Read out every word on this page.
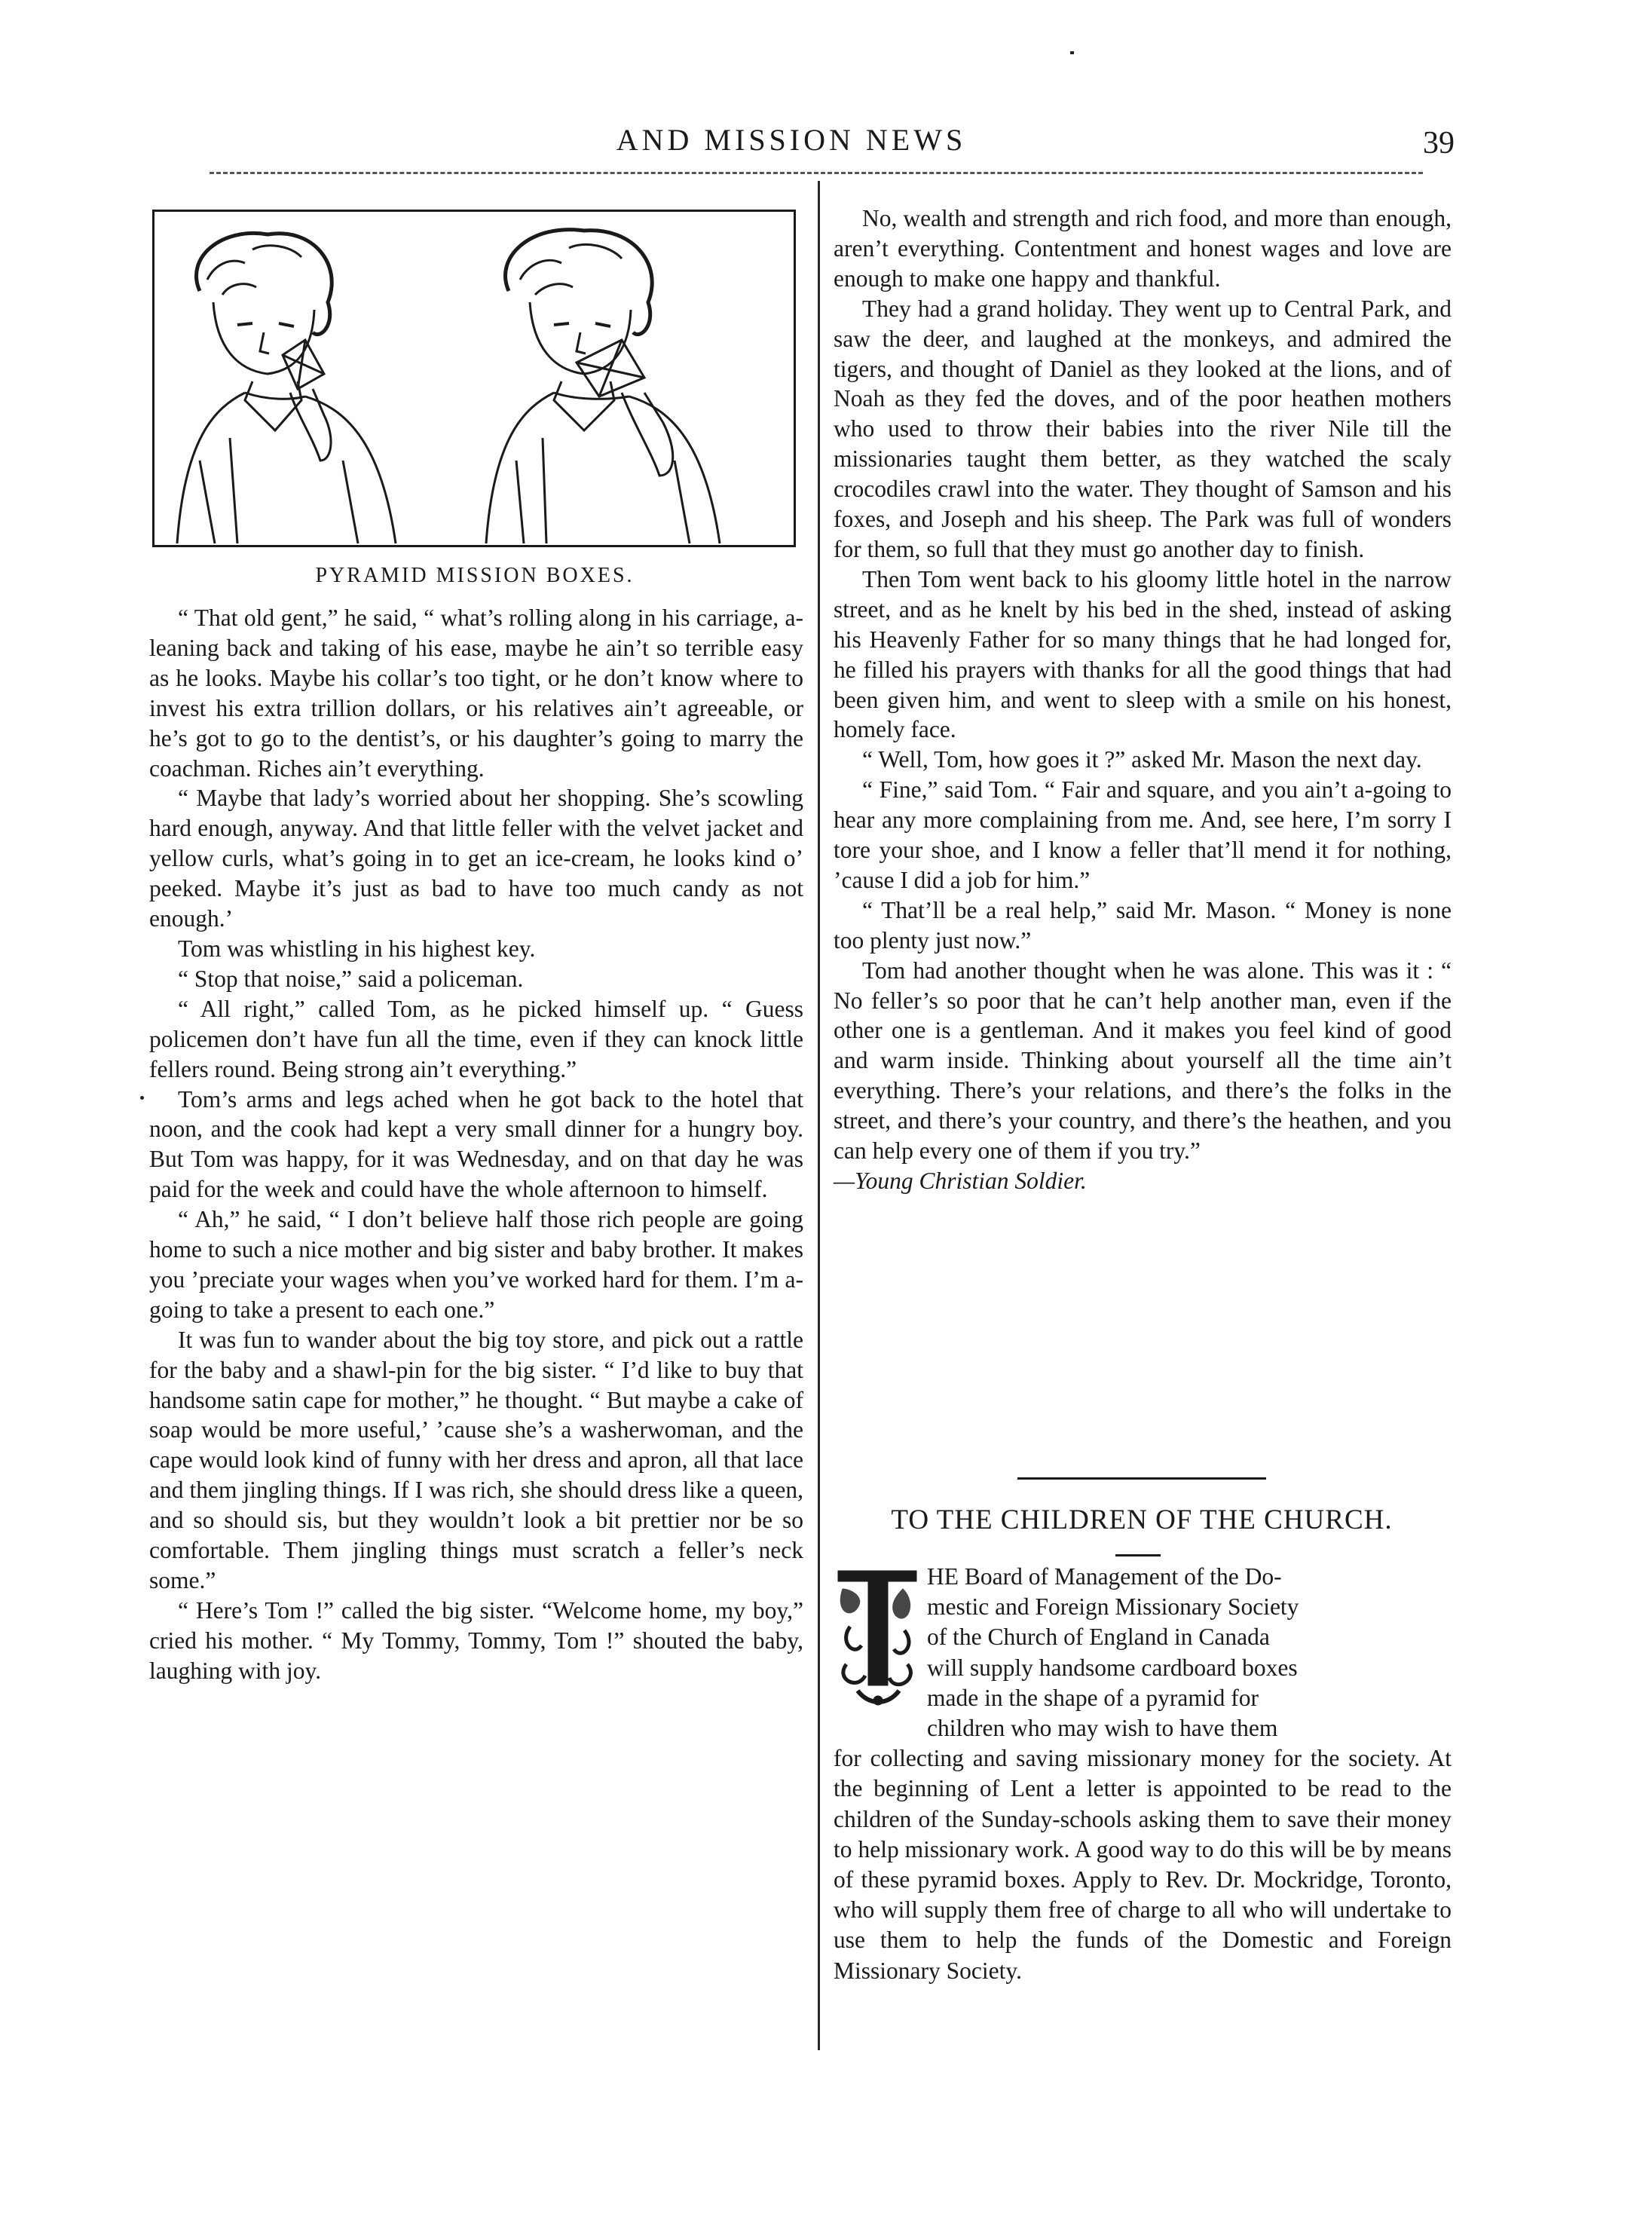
AND MISSION NEWS	39
PYRAMID MISSION BOXES.

“ That old gent,” he said, “ what’s rolling along in his carriage, a-leaning back and taking of his ease, maybe he ain’t so terrible easy as he looks. Maybe his collar’s too tight, or he don’t know where to invest his extra trillion dollars, or his relatives ain’t agreeable, or he’s got to go to the dentist’s, or his daughter’s going to marry the coachman. Riches ain’t everything.

“ Maybe that lady’s worried about her shopping. She’s scowling hard enough, anyway. And that little feller with the velvet jacket and yellow curls, what’s going in to get an ice-cream, he looks kind o’ peeked. Maybe it’s just as bad to have too much candy as not enough.’

Tom was whistling in his highest key.

“ Stop that noise,” said a policeman.

“ All right,” called Tom, as he picked himself up. “ Guess policemen don’t have fun all the time, even if they can knock little fellers round. Being strong ain’t everything.”

Tom’s arms and legs ached when he got back to the hotel that noon, and the cook had kept a very small dinner for a hungry boy. But Tom was happy, for it was Wednesday, and on that day he was paid for the week and could have the whole afternoon to himself.

“ Ah,” he said, “ I don’t believe half those rich people are going home to such a nice mother and big sister and baby brother. It makes you ’preciate your wages when you’ve worked hard for them. I’m a-going to take a present to each one.”

It was fun to wander about the big toy store, and pick out a rattle for the baby and a shawl-pin for the big sister. “ I’d like to buy that handsome satin cape for mother,” he thought. “ But maybe a cake of soap would be more useful,’ ’cause she’s a washerwoman, and the cape would look kind of funny with her dress and apron, all that lace and them jingling things. If I was rich, she should dress like a queen, and so should sis, but they wouldn’t look a bit prettier nor be so comfortable. Them jingling things must scratch a feller’s neck some.”

“ Here’s Tom !” called the big sister. “Welcome home, my boy,” cried his mother. “ My Tommy, Tommy, Tom !” shouted the baby, laughing with joy.

No, wealth and strength and rich food, and more than enough, aren’t everything. Contentment and honest wages and love are enough to make one happy and thankful.

They had a grand holiday. They went up to Central Park, and saw the deer, and laughed at the monkeys, and admired the tigers, and thought of Daniel as they looked at the lions, and of Noah as they fed the doves, and of the poor heathen mothers who used to throw their babies into the river Nile till the missionaries taught them better, as they watched the scaly crocodiles crawl into the water. They thought of Samson and his foxes, and Joseph and his sheep. The Park was full of wonders for them, so full that they must go another day to finish.

Then Tom went back to his gloomy little hotel in the narrow street, and as he knelt by his bed in the shed, instead of asking his Heavenly Father for so many things that he had longed for, he filled his prayers with thanks for all the good things that had been given him, and went to sleep with a smile on his honest, homely face.

“ Well, Tom, how goes it ?” asked Mr. Mason the next day.

“ Fine,” said Tom. “ Fair and square, and you ain’t a-going to hear any more complaining from me. And, see here, I’m sorry I tore your shoe, and I know a feller that’ll mend it for nothing, ’cause I did a job for him.”

“ That’ll be a real help,” said Mr. Mason. “ Money is none too plenty just now.”

Tom had another thought when he was alone. This was it : “ No feller’s so poor that he can’t help another man, even if the other one is a gentleman. And it makes you feel kind of good and warm inside. Thinking about yourself all the time ain’t everything. There’s your relations, and there’s the folks in the street, and there’s your country, and there’s the heathen, and you can help every one of them if you try.”

—Young Christian Soldier.

TO THE CHILDREN OF THE CHURCH.
HE Board of Management of the Do-
mestic and Foreign Missionary Society
of the Church of England in Canada
will supply handsome cardboard boxes
made in the shape of a pyramid for
children who may wish to have them
for collecting and saving missionary money for the society. At the beginning of Lent a letter is appointed to be read to the children of the Sunday-schools asking them to save their money to help missionary work. A good way to do this will be by means of these pyramid boxes. Apply to Rev. Dr. Mockridge, Toronto, who will supply them free of charge to all who will undertake to use them to help the funds of the Domestic and Foreign Missionary Society.
